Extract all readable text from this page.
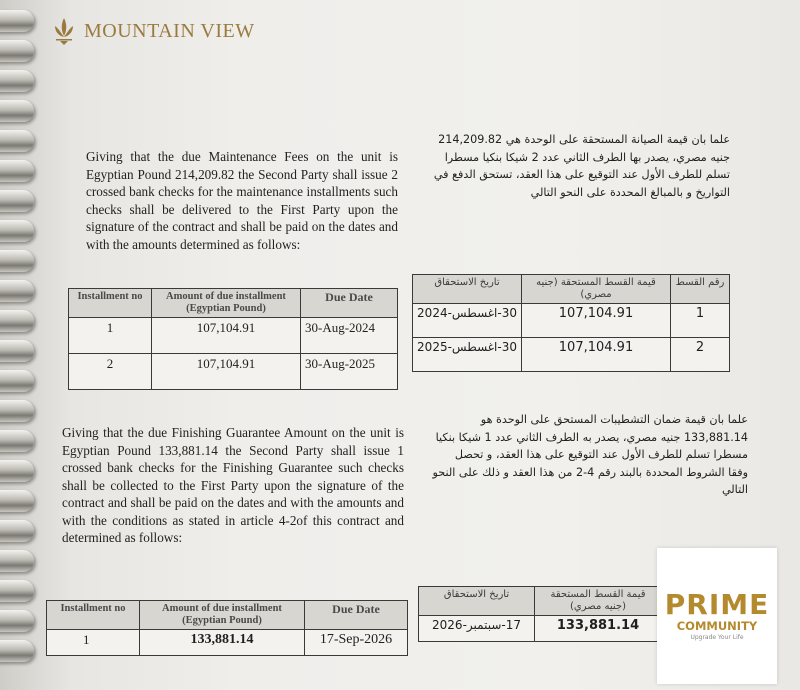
MOUNTAIN VIEW
Giving that the due Maintenance Fees on the unit is Egyptian Pound 214,209.82 the Second Party shall issue 2 crossed bank checks for the maintenance installments such checks shall be delivered to the First Party upon the signature of the contract and shall be paid on the dates and with the amounts determined as follows:
علما بان قيمة الصيانة المستحقة على الوحدة هي 214,209.82 جنيه مصري، يصدر بها الطرف الثاني عدد 2 شيكا بنكيا مسطرا تسلم للطرف الأول عند التوقيع على هذا العقد، تستحق الدفع في التواريخ و بالمبالغ المحددة على النحو التالي
Installment no	Amount of due installment (Egyptian Pound)	Due Date
1	107,104.91	30-Aug-2024
2	107,104.91	30-Aug-2025
رقم القسط	قيمة القسط المستحقة (جنيه مصري)	تاريخ الاستحقاق
1	107,104.91	30-اغسطس-2024
2	107,104.91	30-اغسطس-2025
Giving that the due Finishing Guarantee Amount on the unit is Egyptian Pound 133,881.14 the Second Party shall issue 1 crossed bank checks for the Finishing Guarantee such checks shall be collected to the First Party upon the signature of the contract and shall be paid on the dates and with the amounts and with the conditions as stated in article 4-2of this contract and determined as follows:
علما بان قيمة ضمان التشطيبات المستحق على الوحدة هو 133,881.14 جنيه مصري، يصدر به الطرف الثاني عدد 1 شيكا بنكيا مسطرا تسلم للطرف الأول عند التوقيع على هذا العقد، و تحصل وفقا الشروط المحددة بالبند رقم 4-2 من هذا العقد و ذلك على النحو التالي
Installment no	Amount of due installment (Egyptian Pound)	Due Date
1	133,881.14	17-Sep-2026
تاريخ الاستحقاق	قيمة القسط المستحقة (جنيه مصري)
17-سبتمبر-2026	133,881.14
PRIME
COMMUNITY
Upgrade Your Life
